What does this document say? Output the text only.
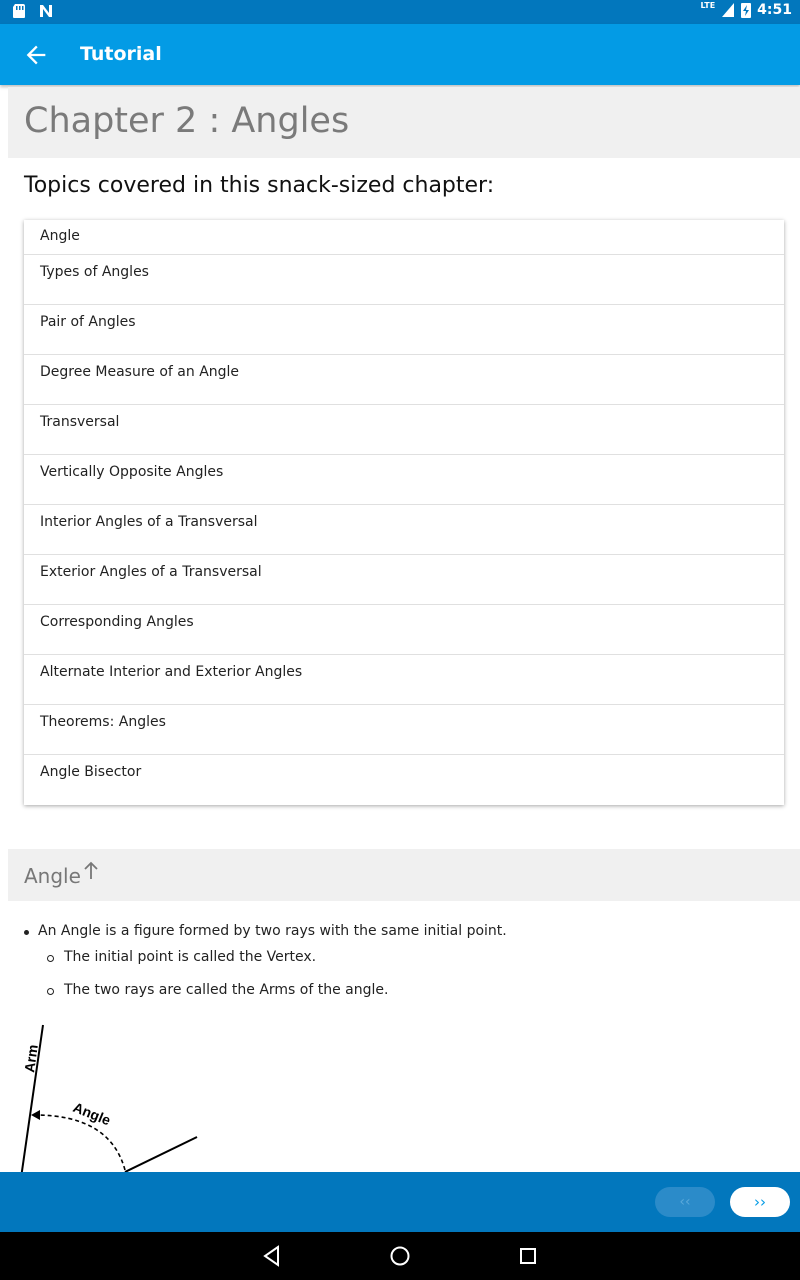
LTE	4:51
Tutorial
Chapter 2 : Angles
Topics covered in this snack-sized chapter:
Angle
Types of Angles
Pair of Angles
Degree Measure of an Angle
Transversal
Vertically Opposite Angles
Interior Angles of a Transversal
Exterior Angles of a Transversal
Corresponding Angles
Alternate Interior and Exterior Angles
Theorems: Angles
Angle Bisector
Angle
An Angle is a figure formed by two rays with the same initial point.
The initial point is called the Vertex.
The two rays are called the Arms of the angle.
Arm
Angle
‹‹	››
